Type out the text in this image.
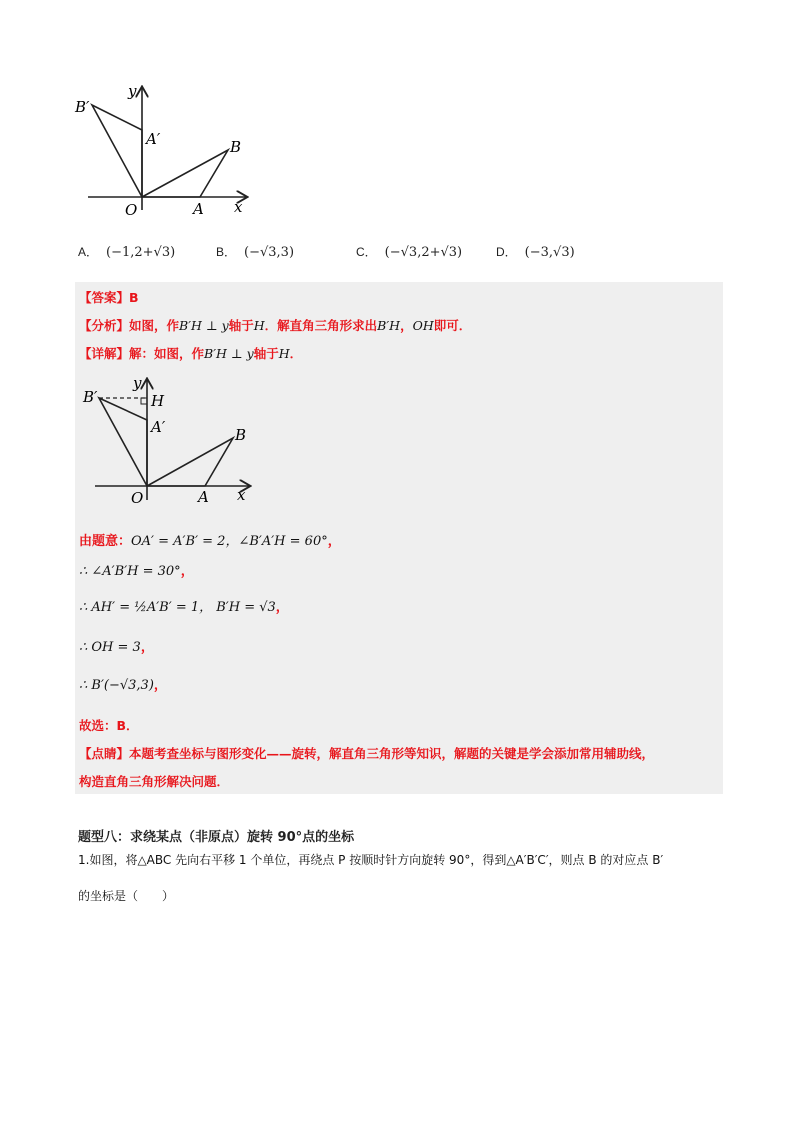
y
x
O	A
B
A′
B′
A． (−1,2+√3)	B． (−√3,3)	C． (−√3,2+√3)	D． (−3,√3)
【答案】B
【分析】如图，作B′H ⊥ y轴于H．解直角三角形求出B′H，OH即可．
【详解】解：如图，作B′H ⊥ y轴于H．
y
H
x
O	A
B
A′
B′
由题意：OA′ = A′B′ = 2，∠B′A′H = 60°，
∴ ∠A′B′H = 30°，
∴ AH′ = ½A′B′ = 1， B′H = √3，
∴ OH = 3，
∴ B′(−√3,3)，
故选：B．
【点睛】本题考查坐标与图形变化——旋转，解直角三角形等知识，解题的关键是学会添加常用辅助线，
构造直角三角形解决问题．
题型八：求绕某点（非原点）旋转 90°点的坐标
1.如图，将△ABC 先向右平移 1 个单位，再绕点 P 按顺时针方向旋转 90°，得到△A′B′C′，则点 B 的对应点 B′
的坐标是（　　）
